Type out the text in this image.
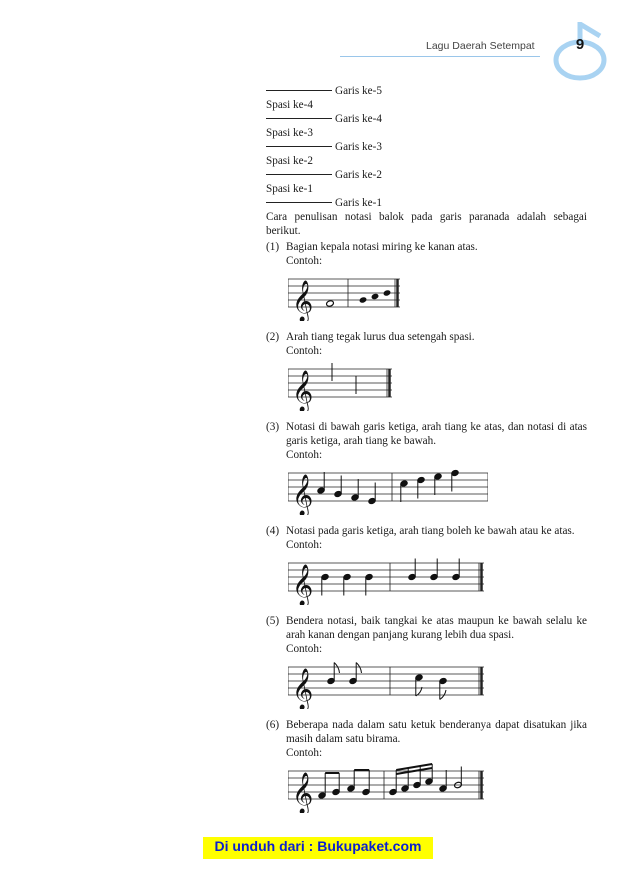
Lagu Daerah Setempat	9
Garis ke-5
Spasi ke-4
Garis ke-4
Spasi ke-3
Garis ke-3
Spasi ke-2
Garis ke-2
Spasi ke-1
Garis ke-1

Cara penulisan notasi balok pada garis paranada adalah sebagai berikut.

(1) Bagian kepala notasi miring ke kanan atas.
Contoh:
𝄞
(2) Arah tiang tegak lurus dua setengah spasi.
Contoh:
𝄞
(3) Notasi di bawah garis ketiga, arah tiang ke atas, dan notasi di atas garis ketiga, arah tiang ke bawah.
Contoh:
𝄞
(4) Notasi pada garis ketiga, arah tiang boleh ke bawah atau ke atas.
Contoh:
𝄞
(5) Bendera notasi, baik tangkai ke atas maupun ke bawah selalu ke arah kanan dengan panjang kurang lebih dua spasi.
Contoh:
𝄞
(6) Beberapa nada dalam satu ketuk benderanya dapat disatukan jika masih dalam satu birama.
Contoh:
𝄞
Di unduh dari : Bukupaket.com
